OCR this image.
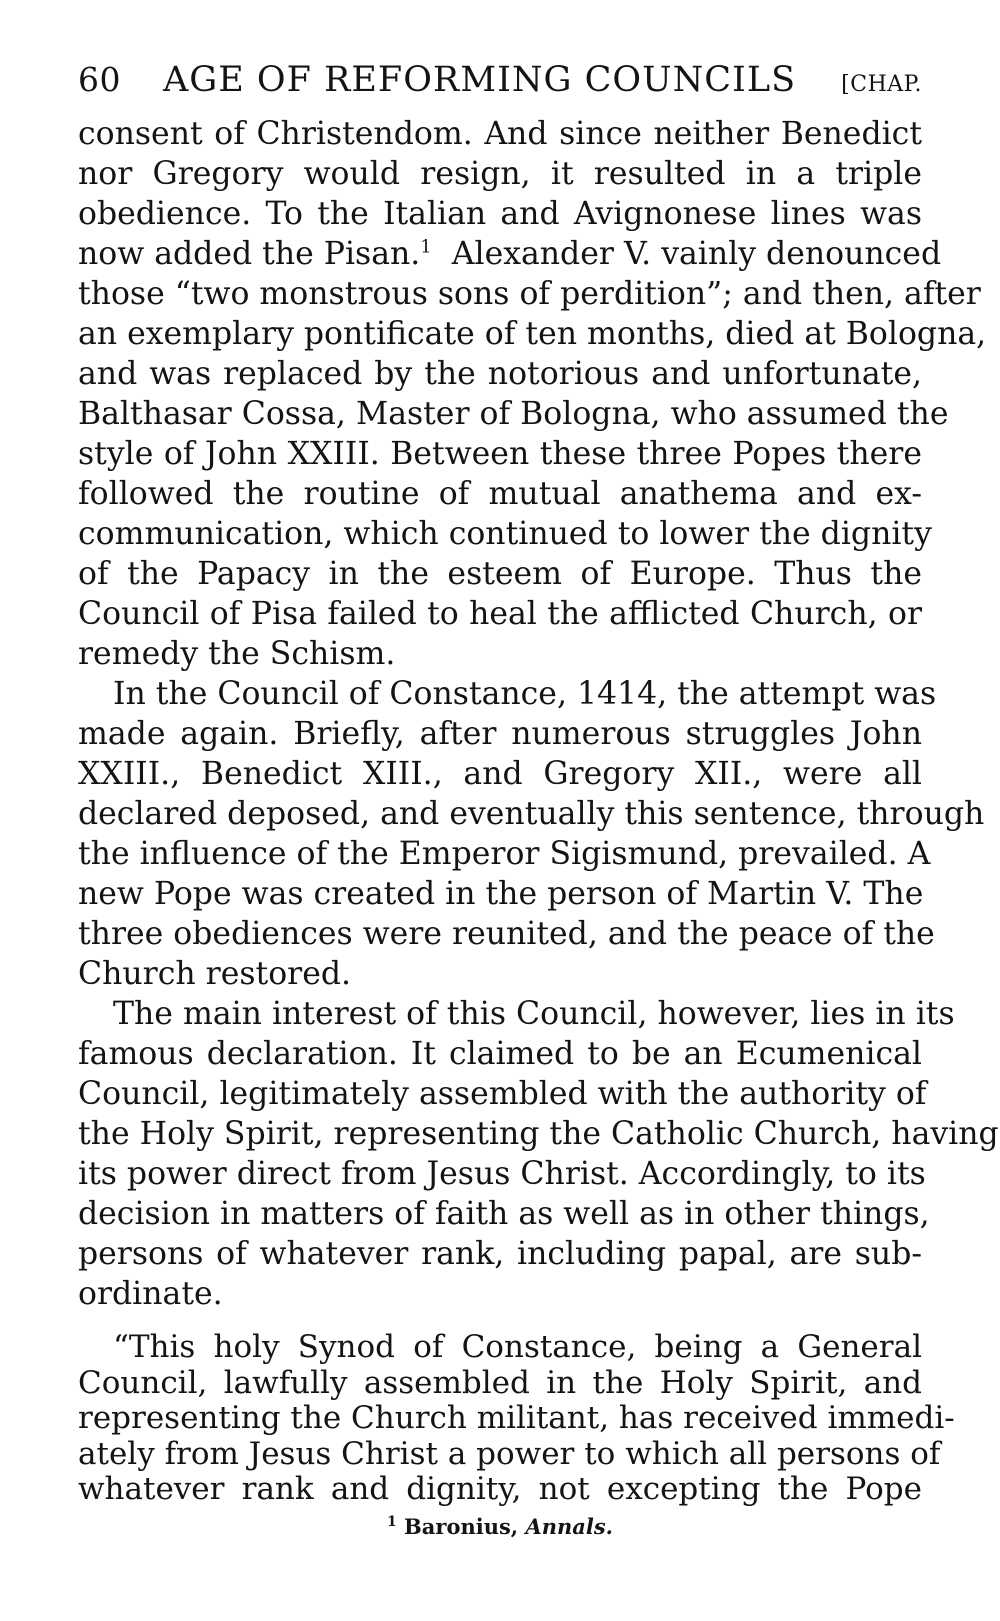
60	AGE OF REFORMING COUNCILS	[CHAP.
consent of Christendom. And since neither Benedict
nor Gregory would resign, it resulted in a triple
obedience. To the Italian and Avignonese lines was
now added the Pisan.$^1$ Alexander V. vainly denounced
those “two monstrous sons of perdition”; and then, after
an exemplary pontificate of ten months, died at Bologna,
and was replaced by the notorious and unfortunate,
Balthasar Cossa, Master of Bologna, who assumed the
style of John XXIII. Between these three Popes there
followed the routine of mutual anathema and ex-
communication, which continued to lower the dignity
of the Papacy in the esteem of Europe. Thus the
Council of Pisa failed to heal the afflicted Church, or
remedy the Schism.
In the Council of Constance, 1414, the attempt was
made again. Briefly, after numerous struggles John
XXIII., Benedict XIII., and Gregory XII., were all
declared deposed, and eventually this sentence, through
the influence of the Emperor Sigismund, prevailed. A
new Pope was created in the person of Martin V. The
three obediences were reunited, and the peace of the
Church restored.
The main interest of this Council, however, lies in its
famous declaration. It claimed to be an Ecumenical
Council, legitimately assembled with the authority of
the Holy Spirit, representing the Catholic Church, having
its power direct from Jesus Christ. Accordingly, to its
decision in matters of faith as well as in other things,
persons of whatever rank, including papal, are sub-
ordinate.
“This holy Synod of Constance, being a General
Council, lawfully assembled in the Holy Spirit, and
representing the Church militant, has received immedi-
ately from Jesus Christ a power to which all persons of
whatever rank and dignity, not excepting the Pope
$^1$ Baronius, Annals.
